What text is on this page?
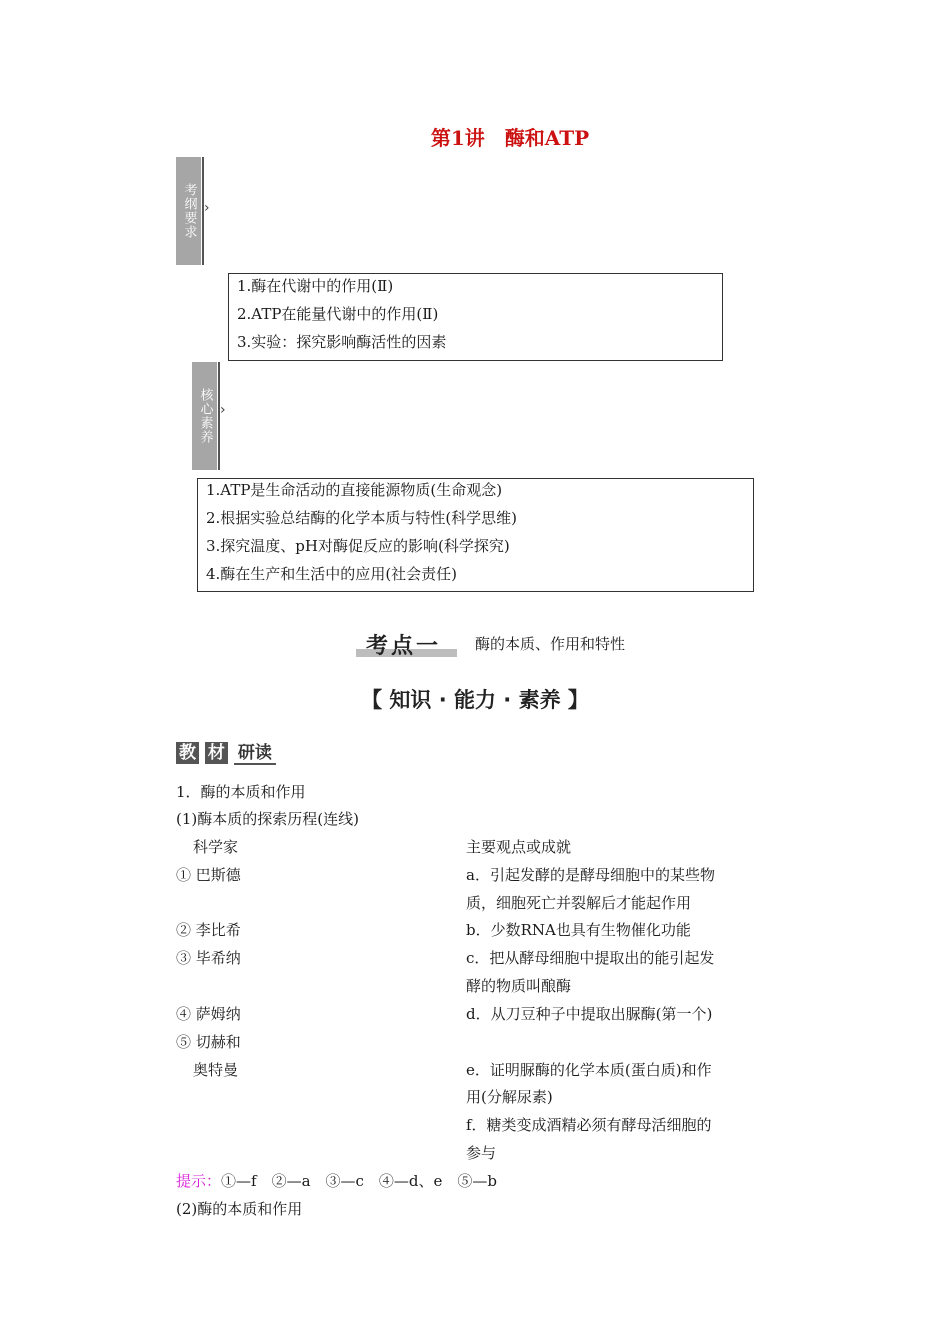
第1讲　酶和ATP
考纲要求 ›
1.酶在代谢中的作用(Ⅱ)
2.ATP在能量代谢中的作用(Ⅱ)
3.实验：探究影响酶活性的因素
核心素养 ›
1.ATP是生命活动的直接能源物质(生命观念)
2.根据实验总结酶的化学本质与特性(科学思维)
3.探究温度、pH对酶促反应的影响(科学探究)
4.酶在生产和生活中的应用(社会责任)
考点一 酶的本质、作用和特性
【 知识 · 能力 · 素养 】
教 材 研读
1．酶的本质和作用
(1)酶本质的探索历程(连线)
科学家	主要观点或成就
① 巴斯德
② 李比希
③ 毕希纳
④ 萨姆纳
⑤ 切赫和
奥特曼
a．引起发酵的是酵母细胞中的某些物
质，细胞死亡并裂解后才能起作用
b．少数RNA也具有生物催化功能
c．把从酵母细胞中提取出的能引起发
酵的物质叫酿酶
d．从刀豆种子中提取出脲酶(第一个)
e．证明脲酶的化学本质(蛋白质)和作
用(分解尿素)
f．糖类变成酒精必须有酵母活细胞的
参与
提示：①—f　②—a　③—c　④—d、e　⑤—b
(2)酶的本质和作用
